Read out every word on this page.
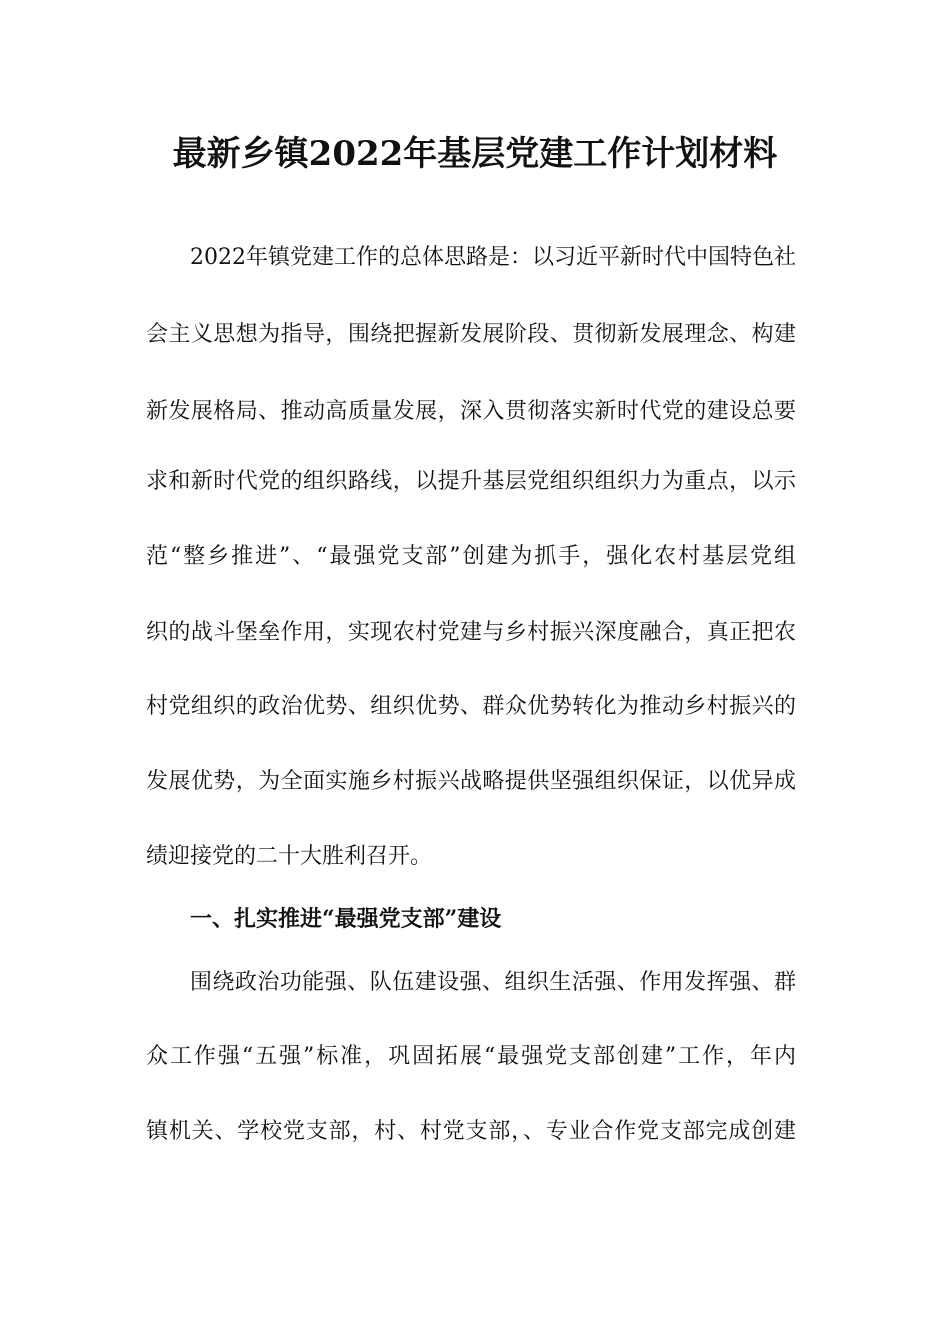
最新乡镇2022年基层党建工作计划材料
2022年镇党建工作的总体思路是：以习近平新时代中国特色社
会主义思想为指导，围绕把握新发展阶段、贯彻新发展理念、构建
新发展格局、推动高质量发展，深入贯彻落实新时代党的建设总要
求和新时代党的组织路线，以提升基层党组织组织力为重点，以示
范“整乡推进”、“最强党支部”创建为抓手，强化农村基层党组
织的战斗堡垒作用，实现农村党建与乡村振兴深度融合，真正把农
村党组织的政治优势、组织优势、群众优势转化为推动乡村振兴的
发展优势，为全面实施乡村振兴战略提供坚强组织保证，以优异成
绩迎接党的二十大胜利召开。
一、扎实推进“最强党支部”建设
围绕政治功能强、队伍建设强、组织生活强、作用发挥强、群
众工作强“五强”标准，巩固拓展“最强党支部创建”工作，年内
镇机关、学校党支部，村、村党支部，、专业合作党支部完成创建
